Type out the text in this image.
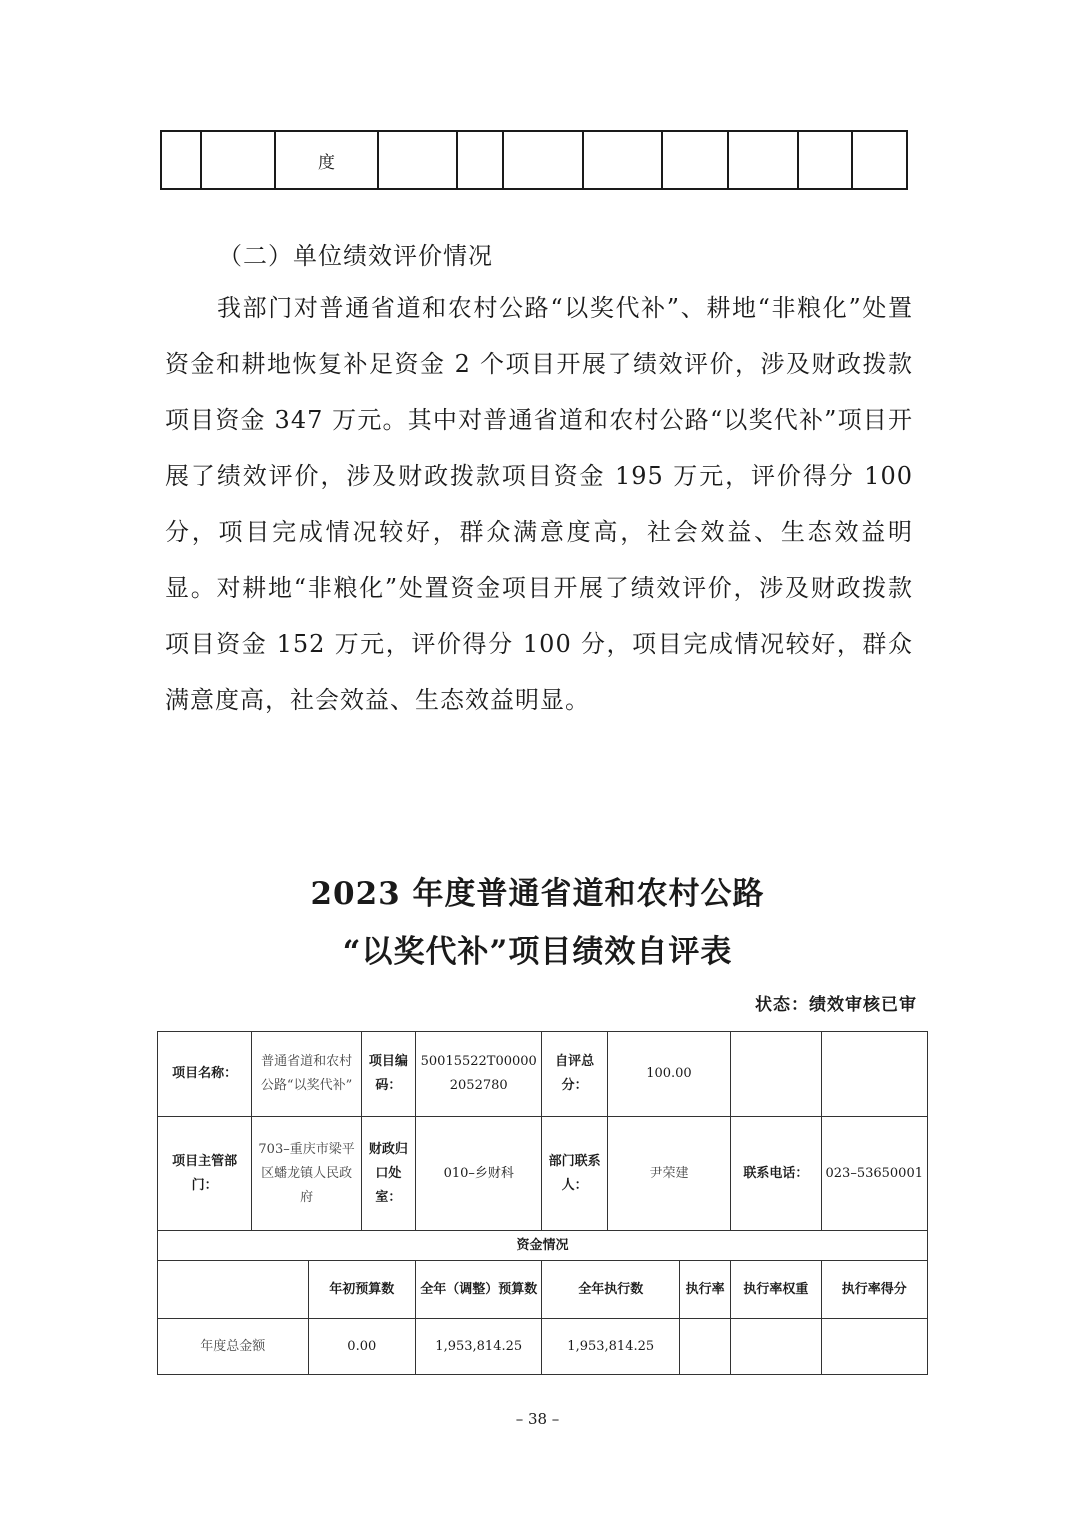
		度								
（二）单位绩效评价情况

我部门对普通省道和农村公路“以奖代补”、耕地“非粮化”处置资金和耕地恢复补足资金 2 个项目开展了绩效评价，涉及财政拨款项目资金 347 万元。其中对普通省道和农村公路“以奖代补”项目开展了绩效评价，涉及财政拨款项目资金 195 万元，评价得分 100 分，项目完成情况较好，群众满意度高，社会效益、生态效益明显。对耕地“非粮化”处置资金项目开展了绩效评价，涉及财政拨款项目资金 152 万元，评价得分 100 分，项目完成情况较好，群众满意度高，社会效益、生态效益明显。

2023 年度普通省道和农村公路
“以奖代补”项目绩效自评表
状态：绩效审核已审
项目名称：	普通省道和农村公路“以奖代补”		项目编码：	50015522T000002052780	自评总分：	100.00			
项目主管部门：	703–重庆市梁平区蟠龙镇人民政府		财政归口处室：	010–乡财科	部门联系人：	尹荣建		联系电话：	023–53650001
资金情况									
		年初预算数		全年（调整）预算数	全年执行数		执行率	执行率权重	执行率得分
年度总金额		0.00		1,953,814.25	1,953,814.25				
– 38 –
